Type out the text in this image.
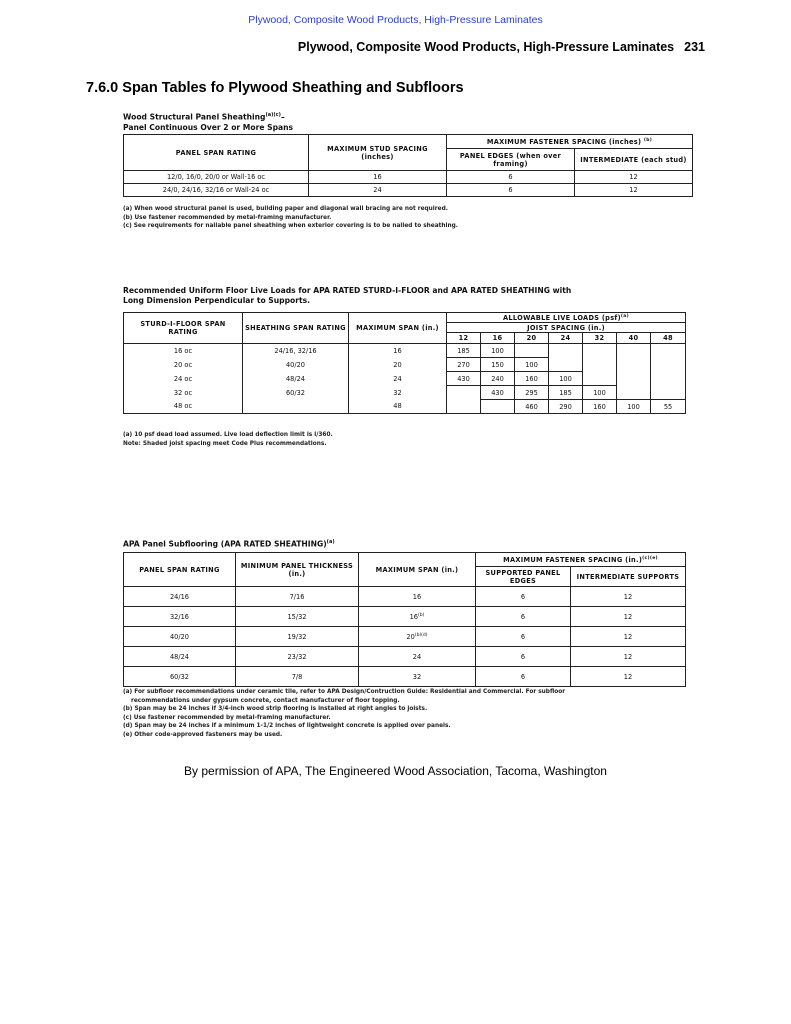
Plywood, Composite Wood Products, High-Pressure Laminates
Plywood, Composite Wood Products, High-Pressure Laminates 231
7.6.0 Span Tables fo Plywood Sheathing and Subfloors
Wood Structural Panel Sheathing$^{(a)(c)}$–
Panel Continuous Over 2 or More Spans
PANEL SPAN RATING	MAXIMUM STUD SPACING (inches)	MAXIMUM FASTENER SPACING (inches) $^{(b)}$
		PANEL EDGES (when over framing)	INTERMEDIATE (each stud)
12/0, 16/0, 20/0 or Wall-16 oc	16	6	12
24/0, 24/16, 32/16 or Wall-24 oc	24	6	12
(a) When wood structural panel is used, building paper and diagonal wall bracing are not required.
(b) Use fastener recommended by metal-framing manufacturer.
(c) See requirements for nailable panel sheathing when exterior covering is to be nailed to sheathing.
Recommended Uniform Floor Live Loads for APA RATED STURD-I-FLOOR and APA RATED SHEATHING with
Long Dimension Perpendicular to Supports.
STURD-I-FLOOR SPAN RATING	SHEATHING SPAN RATING	MAXIMUM SPAN (in.)	ALLOWABLE LIVE LOADS (psf)$^{(a)}$
			JOIST SPACING (in.)						
			12	16	20	24	32	40	48
16 oc	24/16, 32/16	16	185	100					
20 oc	40/20	20	270	150	100				
24 oc	48/24	24	430	240	160	100			
32 oc	60/32	32		430	295	185	100		
48 oc		48			460	290	160	100	55
(a) 10 psf dead load assumed. Live load deflection limit is l/360.
Note: Shaded joist spacing meet Code Plus recommendations.
APA Panel Subflooring (APA RATED SHEATHING)$^{(a)}$
PANEL SPAN RATING	MINIMUM PANEL THICKNESS (in.)	MAXIMUM SPAN (in.)	MAXIMUM FASTENER SPACING $(in.)^{(c)(e)}$
			SUPPORTED PANEL EDGES	INTERMEDIATE SUPPORTS
24/16	7/16	16	6	12
32/16	15/32	16$^{(b)}$	6	12
40/20	19/32	$20^{(b)(d)}$	6	12
48/24	23/32	24	6	12
60/32	7/8	32	6	12
(a) For subfloor recommendations under ceramic tile, refer to APA Design/Contruction Guide: Residential and Commercial. For subfloor
recommendations under gypsum concrete, contact manufacturer of floor topping.
(b) Span may be 24 inches if 3/4-inch wood strip flooring is installed at right angles to joists.
(c) Use fastener recommended by metal-framing manufacturer.
(d) Span may be 24 inches if a minimum 1-1/2 inches of lightweight concrete is applied over panels.
(e) Other code-approved fasteners may be used.
By permission of APA, The Engineered Wood Association, Tacoma, Washington
